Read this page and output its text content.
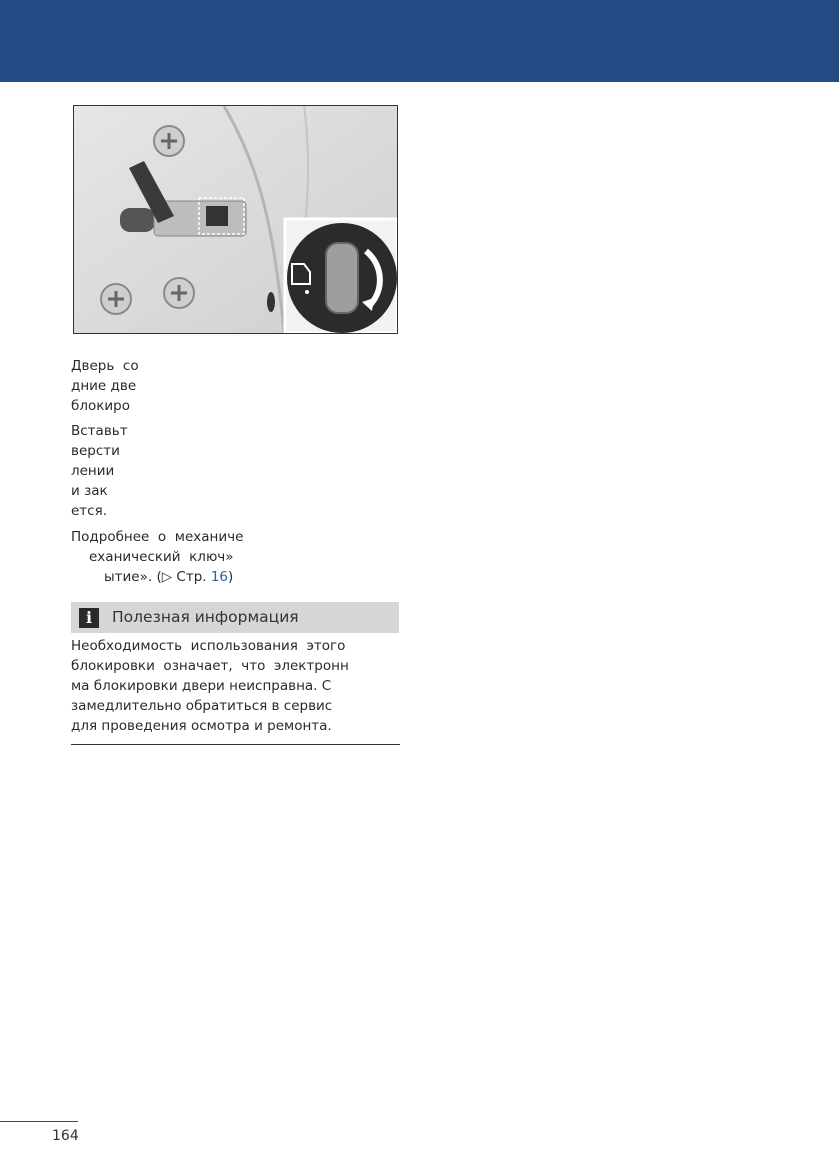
Дверь  со
дние две
блокиро
Вставьт
версти
лении
и зак
ется.
Подробнее  о  механиче
еханический  ключ»
ытие». (▷ Стр. 16)
i	Полезная информация
Необходимость  использования  этого
блокировки  означает,  что  электронн
ма блокировки двери неисправна. С
замедлительно обратиться в сервис
для проведения осмотра и ремонта.
164
